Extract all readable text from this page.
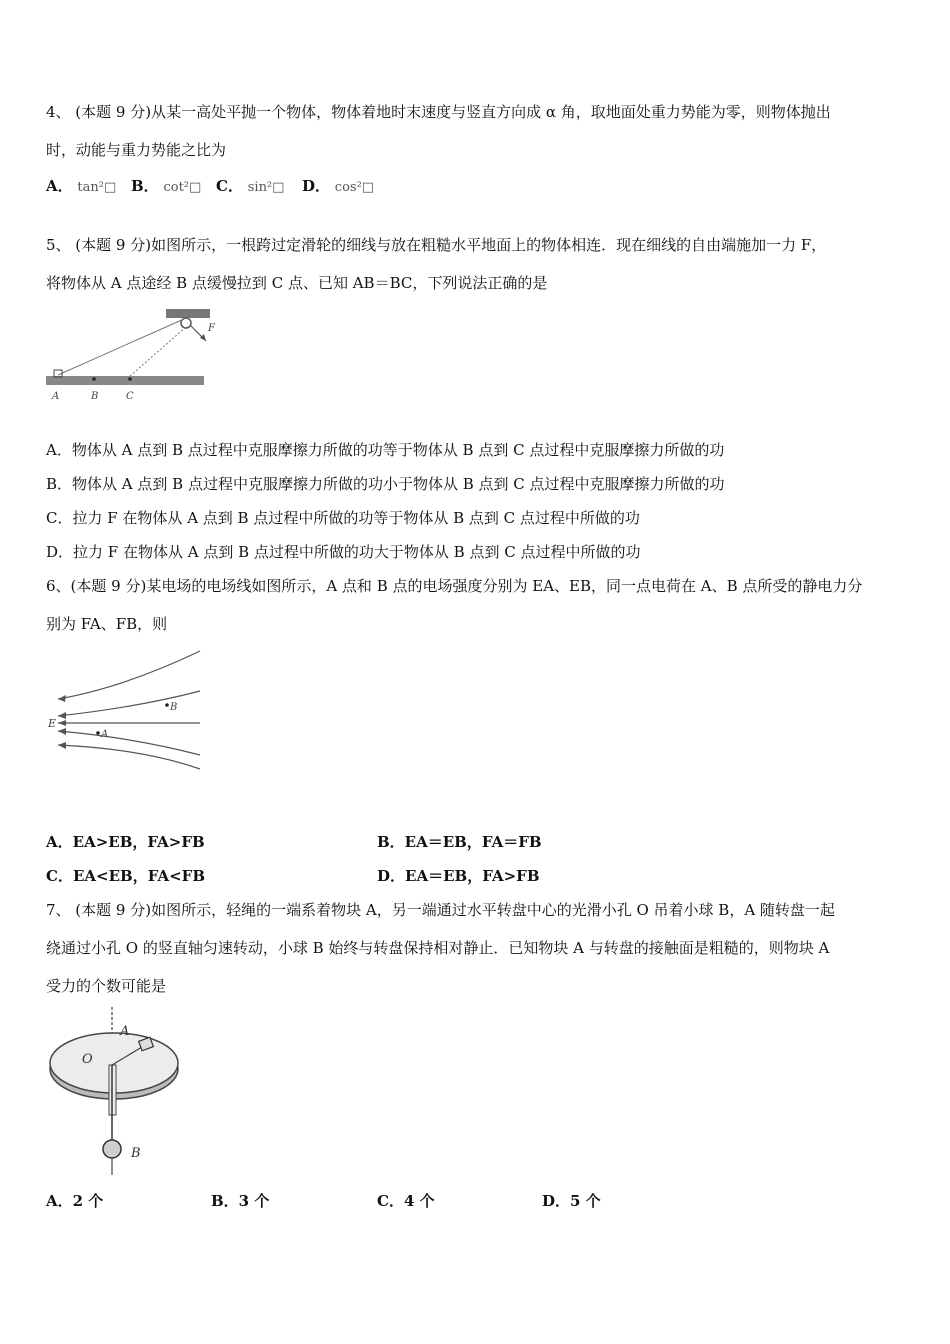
4、 (本题 9 分)从某一高处平抛一个物体，物体着地时末速度与竖直方向成 α 角，取地面处重力势能为零，则物体抛出
时，动能与重力势能之比为
A． tan²□ B． cot²□ C． sin²□ D． cos²□
5、 (本题 9 分)如图所示，一根跨过定滑轮的细线与放在粗糙水平地面上的物体相连．现在细线的自由端施加一力 F，
将物体从 A 点途经 B 点缓慢拉到 C 点、已知 AB＝BC，下列说法正确的是
A	B	C
F
A．物体从 A 点到 B 点过程中克服摩擦力所做的功等于物体从 B 点到 C 点过程中克服摩擦力所做的功
B．物体从 A 点到 B 点过程中克服摩擦力所做的功小于物体从 B 点到 C 点过程中克服摩擦力所做的功
C．拉力 F 在物体从 A 点到 B 点过程中所做的功等于物体从 B 点到 C 点过程中所做的功
D．拉力 F 在物体从 A 点到 B 点过程中所做的功大于物体从 B 点到 C 点过程中所做的功
6、(本题 9 分)某电场的电场线如图所示，A 点和 B 点的电场强度分别为 EA、EB，同一点电荷在 A、B 点所受的静电力分
别为 FA、FB，则
E
B
A
A．EA>EB，FA>FB	B．EA＝EB，FA＝FB
C．EA<EB，FA<FB	D．EA＝EB，FA>FB
7、 (本题 9 分)如图所示，轻绳的一端系着物块 A，另一端通过水平转盘中心的光滑小孔 O 吊着小球 B，A 随转盘一起
绕通过小孔 O 的竖直轴匀速转动，小球 B 始终与转盘保持相对静止．已知物块 A 与转盘的接触面是粗糙的，则物块 A
受力的个数可能是
O
A
B
A．2 个	B．3 个	C．4 个	D．5 个
